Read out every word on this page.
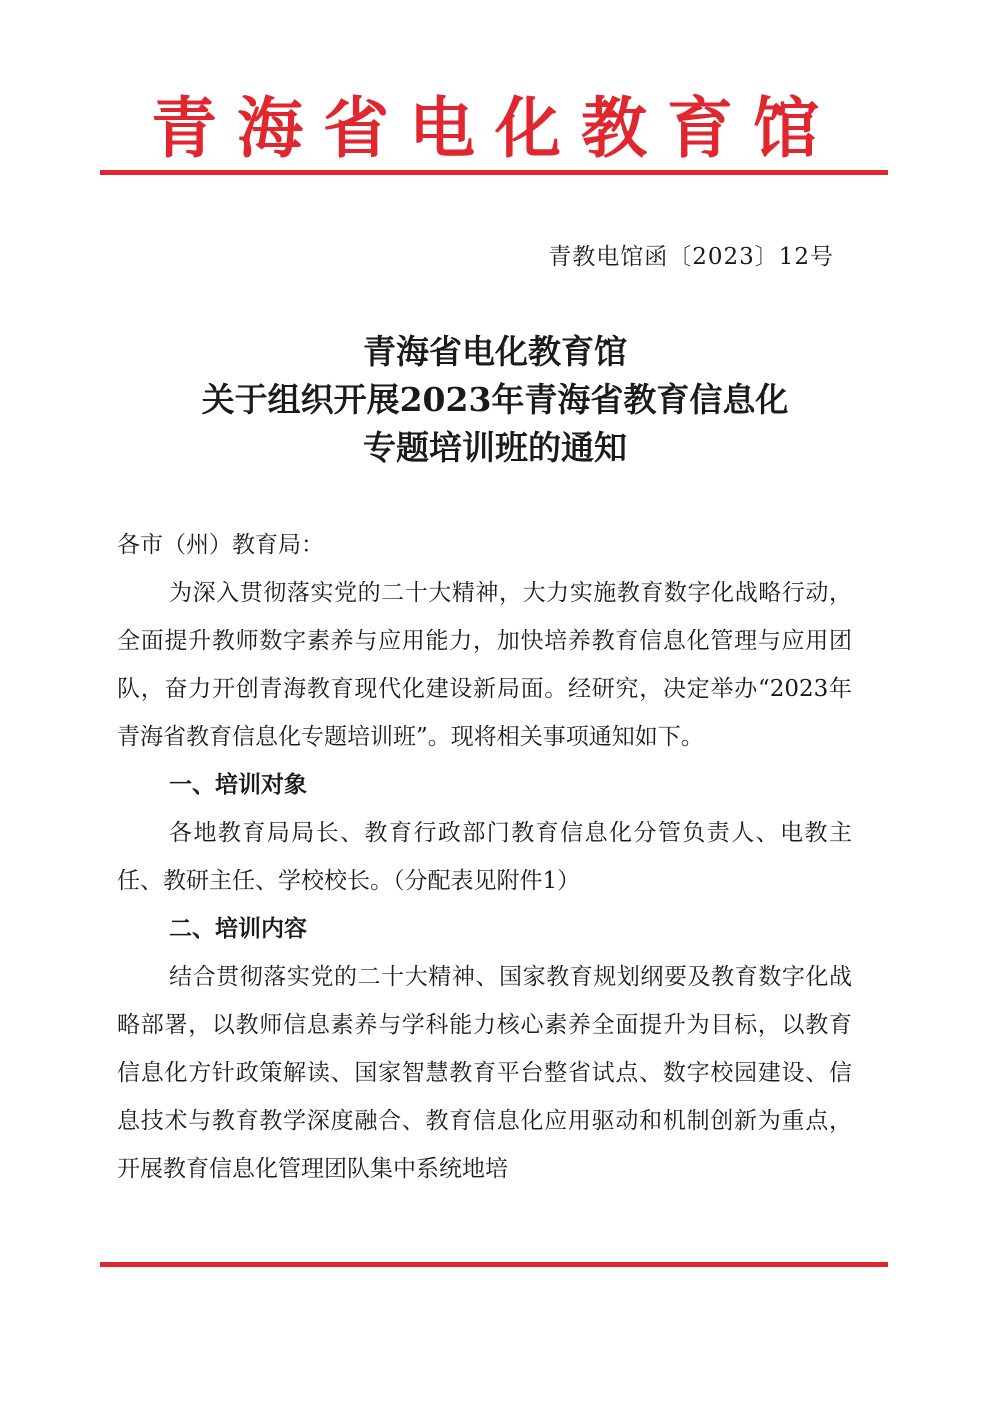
青海省电化教育馆
青教电馆函〔2023〕12号
青海省电化教育馆
关于组织开展2023年青海省教育信息化
专题培训班的通知

各市（州）教育局：

为深入贯彻落实党的二十大精神，大力实施教育数字化战略行动，全面提升教师数字素养与应用能力，加快培养教育信息化管理与应用团队，奋力开创青海教育现代化建设新局面。经研究，决定举办“2023年青海省教育信息化专题培训班”。现将相关事项通知如下。

一、培训对象

各地教育局局长、教育行政部门教育信息化分管负责人、电教主任、教研主任、学校校长。（分配表见附件1）

二、培训内容

结合贯彻落实党的二十大精神、国家教育规划纲要及教育数字化战略部署，以教师信息素养与学科能力核心素养全面提升为目标，以教育信息化方针政策解读、国家智慧教育平台整省试点、数字校园建设、信息技术与教育教学深度融合、教育信息化应用驱动和机制创新为重点，开展教育信息化管理团队集中系统地培
